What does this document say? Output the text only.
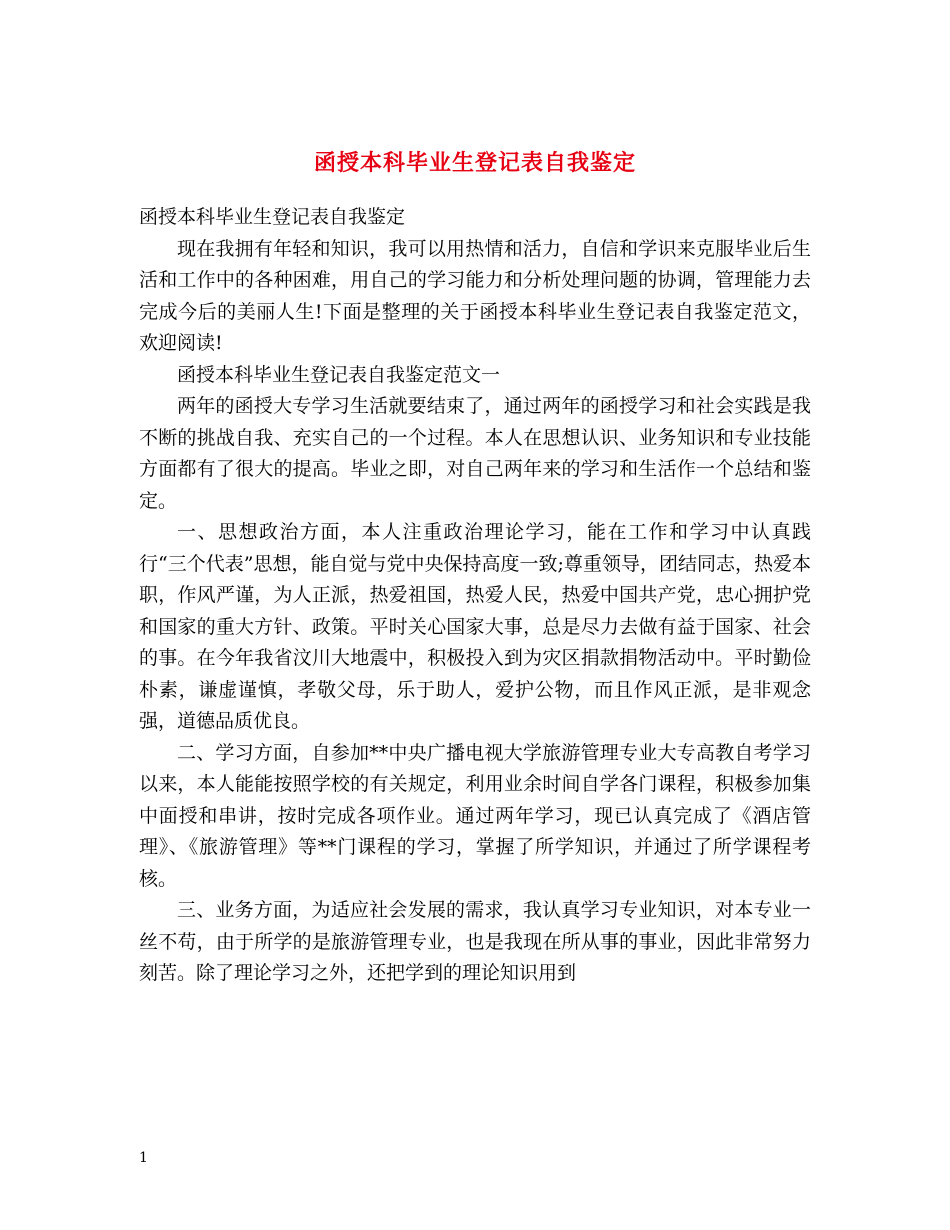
函授本科毕业生登记表自我鉴定

函授本科毕业生登记表自我鉴定

现在我拥有年轻和知识，我可以用热情和活力，自信和学识来克服毕业后生活和工作中的各种困难，用自己的学习能力和分析处理问题的协调，管理能力去完成今后的美丽人生!下面是整理的关于函授本科毕业生登记表自我鉴定范文，欢迎阅读!

函授本科毕业生登记表自我鉴定范文一

两年的函授大专学习生活就要结束了，通过两年的函授学习和社会实践是我不断的挑战自我、充实自己的一个过程。本人在思想认识、业务知识和专业技能方面都有了很大的提高。毕业之即，对自己两年来的学习和生活作一个总结和鉴定。

一、思想政治方面，本人注重政治理论学习，能在工作和学习中认真践行“三个代表”思想，能自觉与党中央保持高度一致;尊重领导，团结同志，热爱本职，作风严谨，为人正派，热爱祖国，热爱人民，热爱中国共产党，忠心拥护党和国家的重大方针、政策。平时关心国家大事，总是尽力去做有益于国家、社会的事。在今年我省汶川大地震中，积极投入到为灾区捐款捐物活动中。平时勤俭朴素，谦虚谨慎，孝敬父母，乐于助人，爱护公物，而且作风正派，是非观念强，道德品质优良。

二、学习方面，自参加**中央广播电视大学旅游管理专业大专高教自考学习以来，本人能能按照学校的有关规定，利用业余时间自学各门课程，积极参加集中面授和串讲，按时完成各项作业。通过两年学习，现已认真完成了《酒店管理》、《旅游管理》等**门课程的学习，掌握了所学知识，并通过了所学课程考核。

三、业务方面，为适应社会发展的需求，我认真学习专业知识，对本专业一丝不苟，由于所学的是旅游管理专业，也是我现在所从事的事业，因此非常努力刻苦。除了理论学习之外，还把学到的理论知识用到

1
